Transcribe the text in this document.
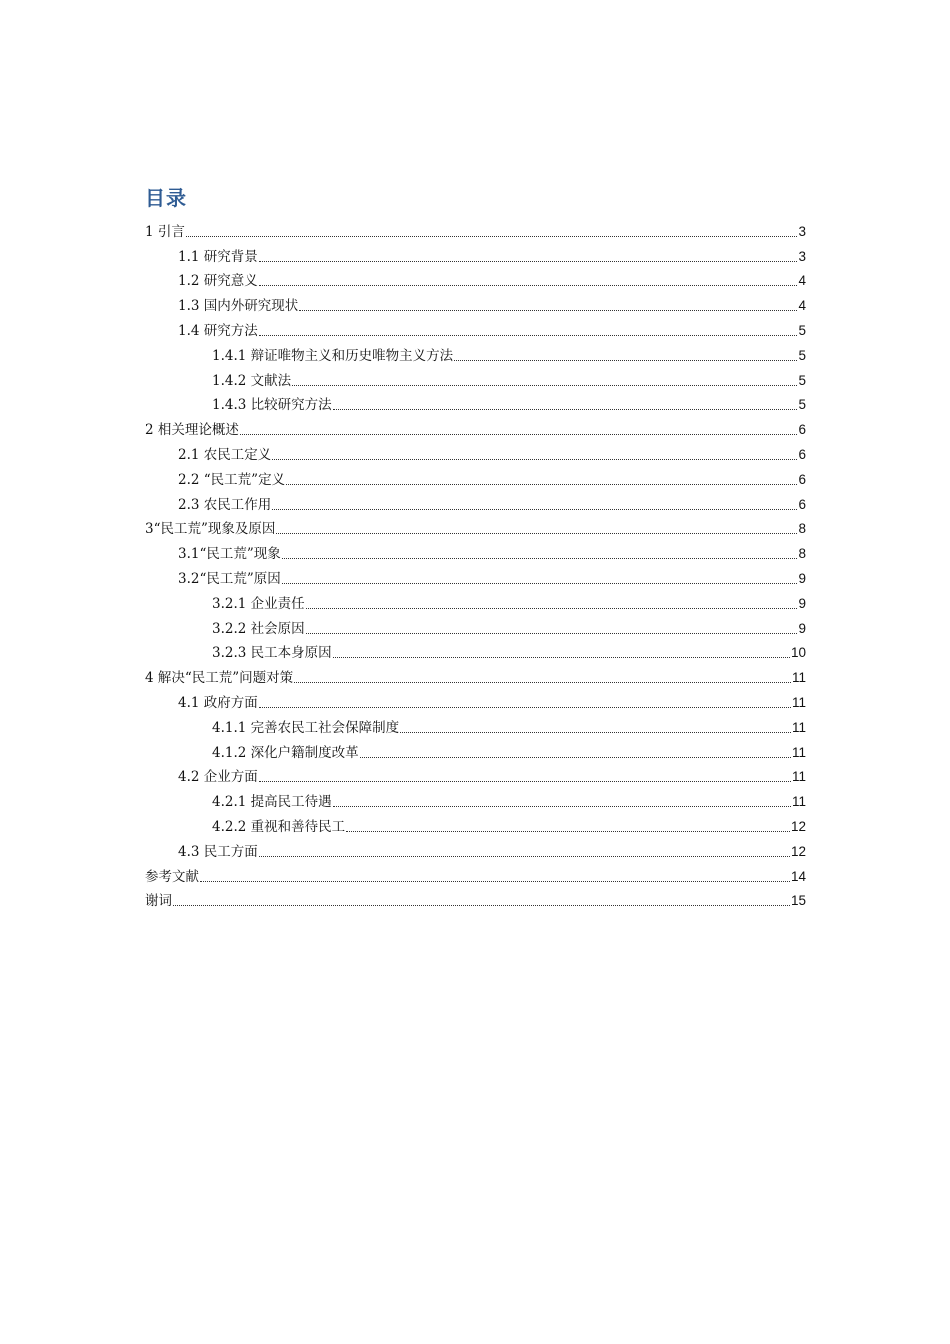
目录
1 引言	3
1.1 研究背景	3
1.2 研究意义	4
1.3 国内外研究现状	4
1.4 研究方法	5
1.4.1 辩证唯物主义和历史唯物主义方法	5
1.4.2 文献法	5
1.4.3 比较研究方法	5
2 相关理论概述	6
2.1 农民工定义	6
2.2 “民工荒”定义	6
2.3 农民工作用	6
3“民工荒”现象及原因	8
3.1“民工荒”现象	8
3.2“民工荒”原因	9
3.2.1 企业责任	9
3.2.2 社会原因	9
3.2.3 民工本身原因	10
4 解决“民工荒”问题对策	11
4.1 政府方面	11
4.1.1 完善农民工社会保障制度	11
4.1.2 深化户籍制度改革	11
4.2 企业方面	11
4.2.1 提高民工待遇	11
4.2.2 重视和善待民工	12
4.3 民工方面	12
参考文献	14
谢词	15
